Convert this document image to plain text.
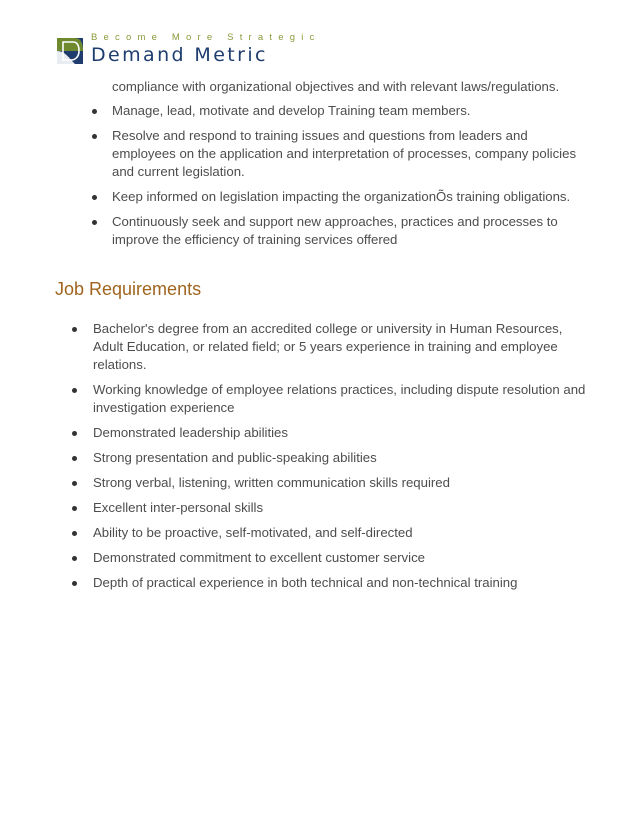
Become More Strategic
Demand Metric

compliance with organizational objectives and with relevant laws/regulations.

Manage, lead, motivate and develop Training team members.
Resolve and respond to training issues and questions from leaders and employees on the application and interpretation of processes, company policies and current legislation.
Keep informed on legislation impacting the organizationÕs training obligations.
Continuously seek and support new approaches, practices and processes to improve the efficiency of training services offered
Job Requirements
Bachelor's degree from an accredited college or university in Human Resources, Adult Education, or related field; or 5 years experience in training and employee relations.
Working knowledge of employee relations practices, including dispute resolution and investigation experience
Demonstrated leadership abilities
Strong presentation and public-speaking abilities
Strong verbal, listening, written communication skills required
Excellent inter-personal skills
Ability to be proactive, self-motivated, and self-directed
Demonstrated commitment to excellent customer service
Depth of practical experience in both technical and non-technical training
